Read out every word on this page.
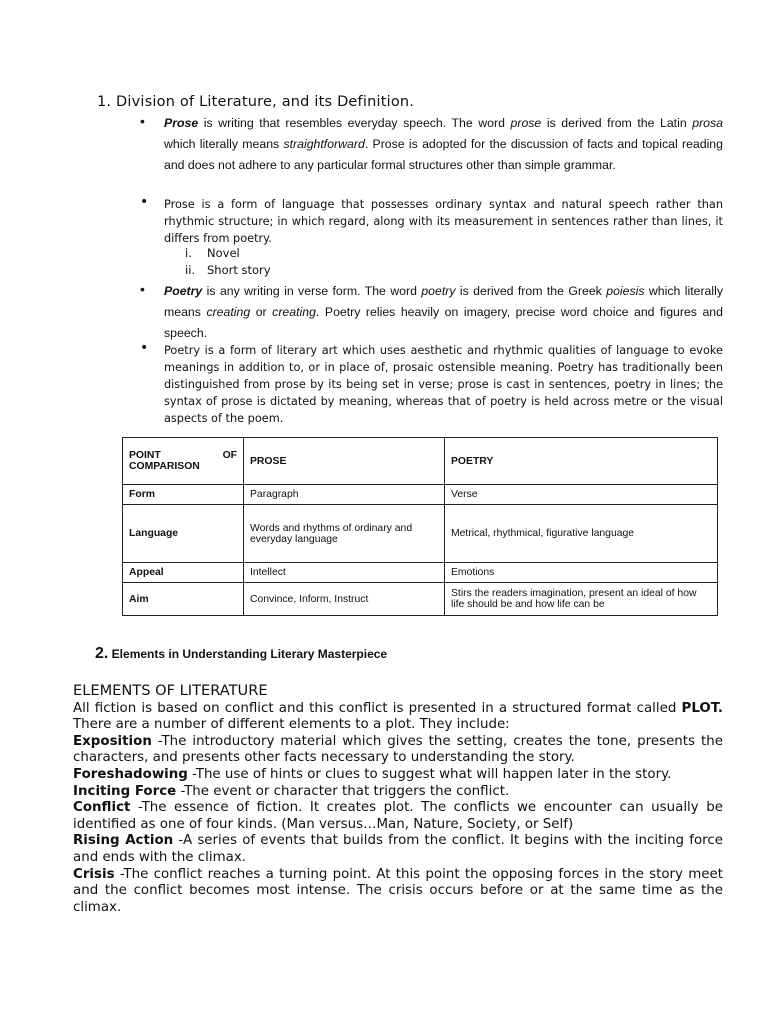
1. Division of Literature, and its Definition.
• Prose is writing that resembles everyday speech. The word prose is derived from the Latin prosa which literally means straightforward. Prose is adopted for the discussion of facts and topical reading and does not adhere to any particular formal structures other than simple grammar.
• Prose is a form of language that possesses ordinary syntax and natural speech rather than rhythmic structure; in which regard, along with its measurement in sentences rather than lines, it differs from poetry.
i. Novel
ii. Short story
• Poetry is any writing in verse form. The word poetry is derived from the Greek poiesis which literally means creating or creating. Poetry relies heavily on imagery, precise word choice and figures and speech.
• Poetry is a form of literary art which uses aesthetic and rhythmic qualities of language to evoke meanings in addition to, or in place of, prosaic ostensible meaning. Poetry has traditionally been distinguished from prose by its being set in verse; prose is cast in sentences, poetry in lines; the syntax of prose is dictated by meaning, whereas that of poetry is held across metre or the visual aspects of the poem.
POINT OF
COMPARISON	PROSE	POETRY
Form	Paragraph	Verse
Language	Words and rhythms of ordinary and everyday language	Metrical, rhythmical, figurative language
Appeal	Intellect	Emotions
Aim	Convince, Inform, Instruct	Stirs the readers imagination, present an ideal of how life should be and how life can be
2. Elements in Understanding Literary Masterpiece
ELEMENTS OF LITERATURE
All fiction is based on conflict and this conflict is presented in a structured format called PLOT. There are a number of different elements to a plot. They include:
Exposition -The introductory material which gives the setting, creates the tone, presents the characters, and presents other facts necessary to understanding the story.
Foreshadowing -The use of hints or clues to suggest what will happen later in the story.
Inciting Force -The event or character that triggers the conflict.
Conflict -The essence of fiction. It creates plot. The conflicts we encounter can usually be identified as one of four kinds. (Man versus…Man, Nature, Society, or Self)
Rising Action -A series of events that builds from the conflict. It begins with the inciting force and ends with the climax.
Crisis -The conflict reaches a turning point. At this point the opposing forces in the story meet and the conflict becomes most intense. The crisis occurs before or at the same time as the climax.
